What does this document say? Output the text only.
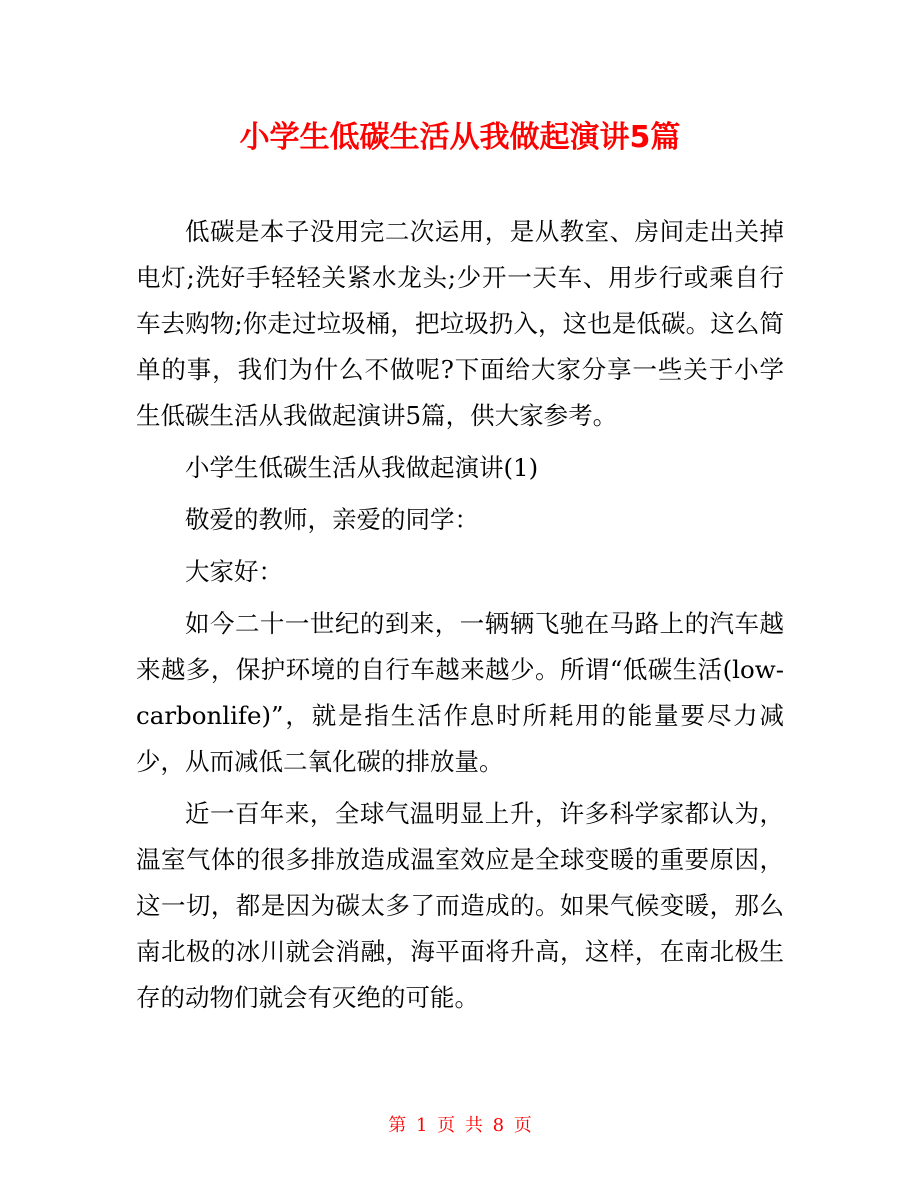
小学生低碳生活从我做起演讲5篇

低碳是本子没用完二次运用，是从教室、房间走出关掉电灯;洗好手轻轻关紧水龙头;少开一天车、用步行或乘自行车去购物;你走过垃圾桶，把垃圾扔入，这也是低碳。这么简单的事，我们为什么不做呢?下面给大家分享一些关于小学生低碳生活从我做起演讲5篇，供大家参考。

小学生低碳生活从我做起演讲(1)

敬爱的教师，亲爱的同学：

大家好：

如今二十一世纪的到来，一辆辆飞驰在马路上的汽车越来越多，保护环境的自行车越来越少。所谓“低碳生活(low-carbonlife)”，就是指生活作息时所耗用的能量要尽力减少，从而减低二氧化碳的排放量。

近一百年来，全球气温明显上升，许多科学家都认为，温室气体的很多排放造成温室效应是全球变暖的重要原因，这一切，都是因为碳太多了而造成的。如果气候变暖，那么南北极的冰川就会消融，海平面将升高，这样，在南北极生存的动物们就会有灭绝的可能。

第 1 页 共 8 页
